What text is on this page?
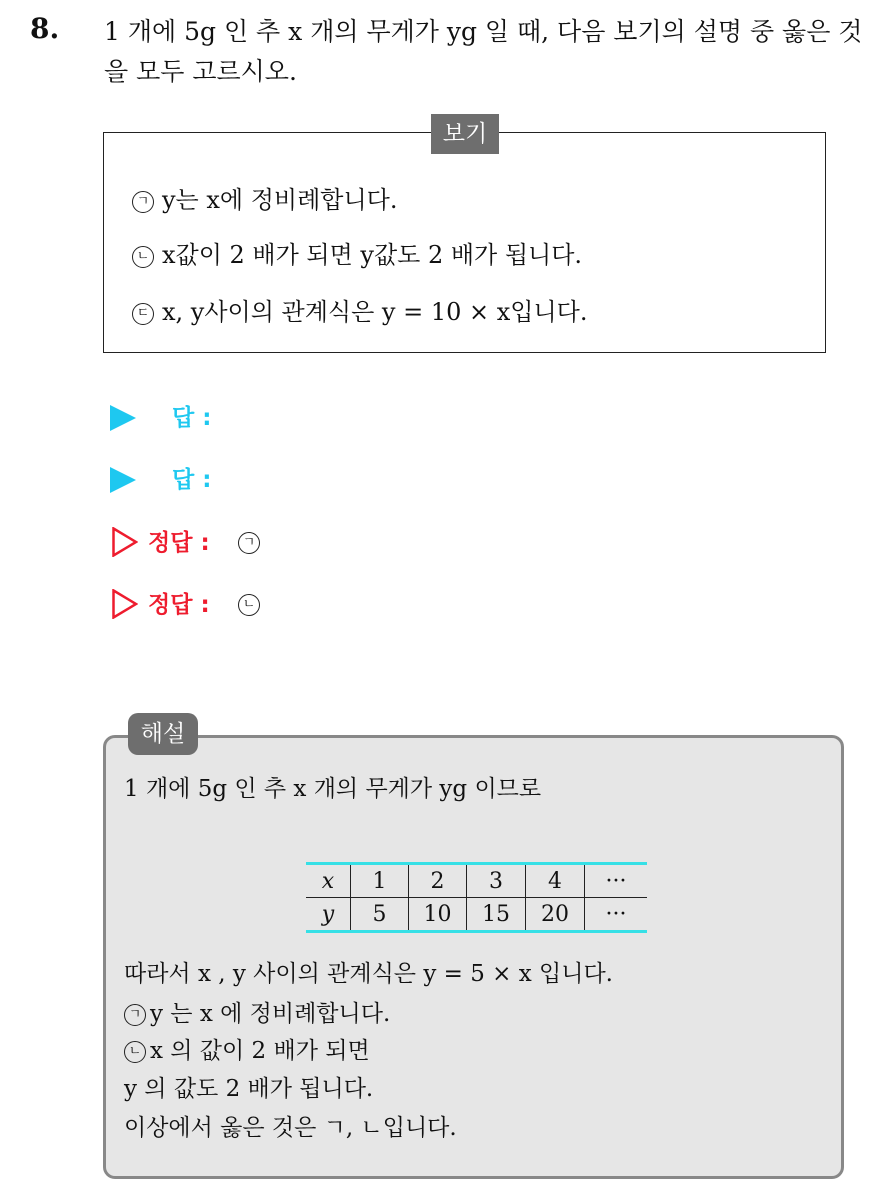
8. 1 개에 5g 인 추 x 개의 무게가 yg 일 때, 다음 보기의 설명 중 옳은 것을 모두 고르시오.
보기
ㄱ y는 x에 정비례합니다.
ㄴ x값이 2 배가 되면 y값도 2 배가 됩니다.
ㄷ x, y사이의 관계식은 y = 10 × x입니다.
답 :
답 :
정답 :	ㄱ
정답 :	ㄴ
해설
1 개에 5g 인 추 x 개의 무게가 yg 이므로
x	1	2	3	4	···
y	5	10	15	20	···
따라서 x , y 사이의 관계식은 y = 5 × x 입니다.
ㄱ y 는 x 에 정비례합니다.
ㄴ x 의 값이 2 배가 되면
y 의 값도 2 배가 됩니다.
이상에서 옳은 것은 ㄱ, ㄴ입니다.
